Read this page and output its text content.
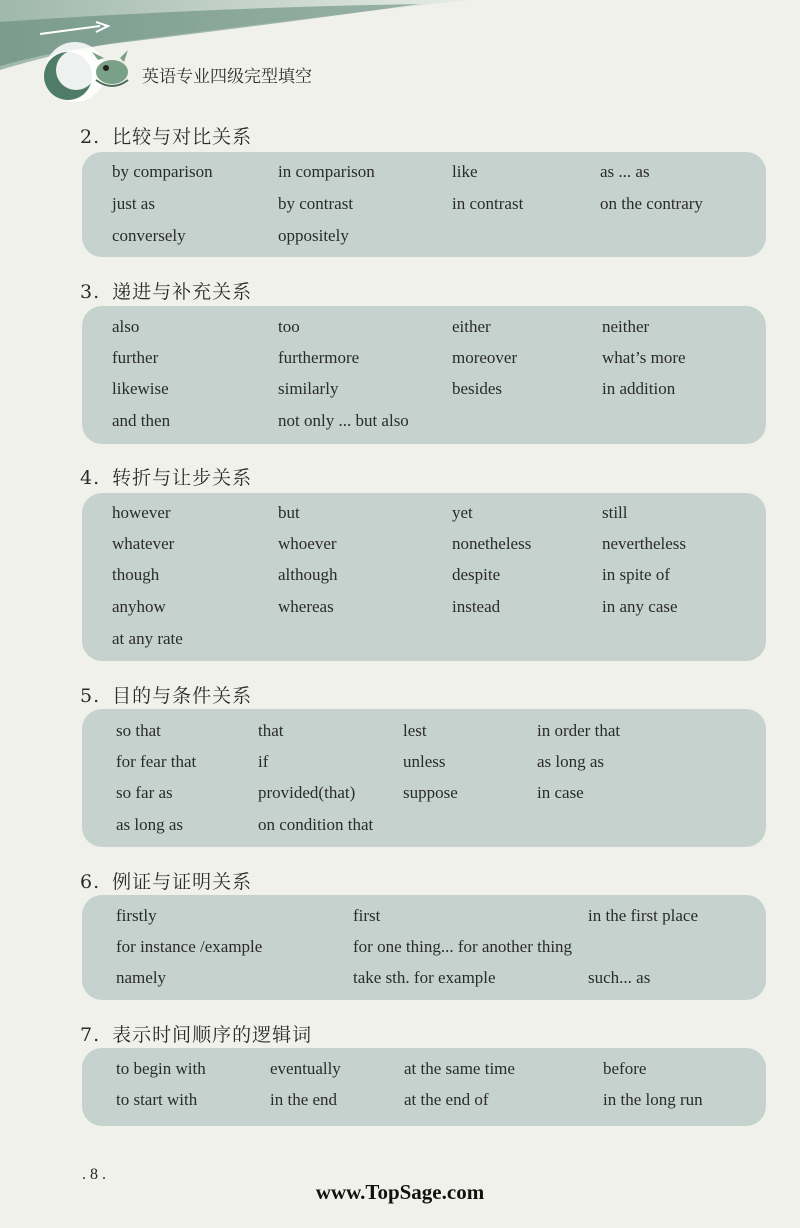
英语专业四级完型填空
2. 比较与对比关系
by comparison	in comparison	like	as ... as
just as	by contrast	in contrast	on the contrary
conversely	oppositely
3. 递进与补充关系
also	too	either	neither
further	furthermore	moreover	what’s more
likewise	similarly	besides	in addition
and then	not only ... but also
4. 转折与让步关系
however	but	yet	still
whatever	whoever	nonetheless	nevertheless
though	although	despite	in spite of
anyhow	whereas	instead	in any case
at any rate
5. 目的与条件关系
so that	that	lest	in order that
for fear that	if	unless	as long as
so far as	provided(that)	suppose	in case
as long as	on condition that
6. 例证与证明关系
firstly	first	in the first place
for instance /example	for one thing... for another thing
namely	take sth. for example	such... as
7. 表示时间顺序的逻辑词
to begin with	eventually	at the same time	before
to start with	in the end	at the end of	in the long run
. 8 .
www.TopSage.com
